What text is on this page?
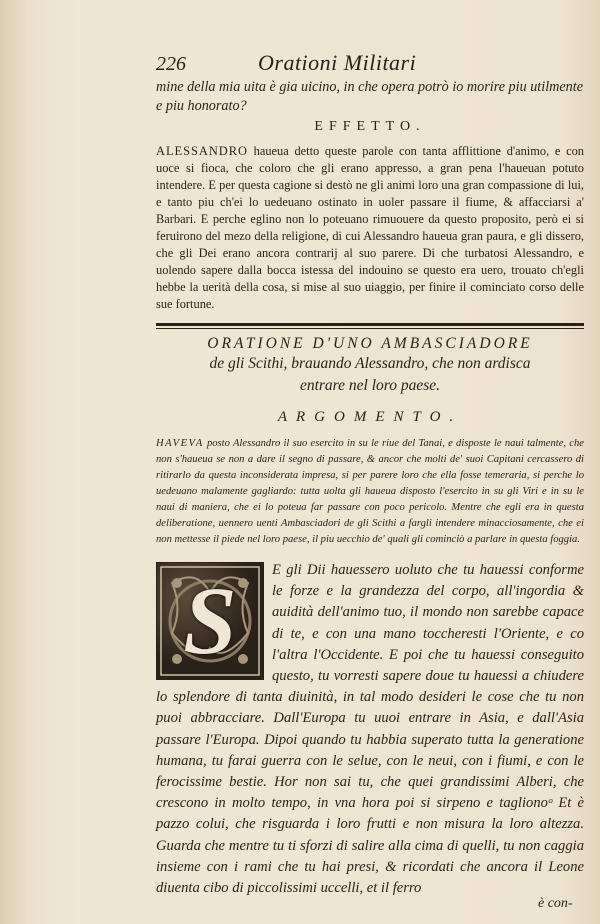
226	Orationi Militari

mine della mia uita è gia uicino, in che opera potrò io morire piu utilmente e piu honorato?

EFFETTO.

ALESSANDRO haueua detto queste parole con tanta afflittione d'animo, e con uoce si fioca, che coloro che gli erano appresso, a gran pena l'haueuan potuto intendere. E per questa cagione si destò ne gli animi loro una gran compassione di lui, e tanto piu ch'ei lo uedeuano ostinato in uoler passare il fiume, & affacciarsi a' Barbari. E perche eglino non lo poteuano rimuouere da questo proposito, però ei si feruirono del mezo della religione, di cui Alessandro haueua gran paura, e gli dissero, che gli Dei erano ancora contrarij al suo parere. Di che turbatosi Alessandro, e uolendo sapere dalla bocca istessa del indouino se questo era uero, trouato ch'egli hebbe la uerità della cosa, si mise al suo uiaggio, per finire il cominciato corso delle sue fortune.

ORATIONE D'UNO AMBASCIADORE
de gli Scithi, brauando Alessandro, che non ardisca
entrare nel loro paese.
ARGOMENTO.

HAVEVA posto Alessandro il suo esercito in su le riue del Tanai, e disposte le naui talmente, che non s'haueua se non a dare il segno di passare, & ancor che molti de' suoi Capitani cercassero di ritirarlo da questa inconsiderata impresa, si per parere loro che ella fosse temeraria, si perche lo uedeuano malamente gagliardo: tutta uolta gli haueua disposto l'esercito in su gli Viri e in su le naui di maniera, che ei lo poteua far passare con poco pericolo. Mentre che egli era in questa deliberatione, uennero uenti Ambasciadori de gli Scithi a fargli intendere minacciosamente, che ei non mettesse il piede nel loro paese, il piu uecchio de' quali gli cominciò a parlare in questa foggia.

S	E gli Dii hauessero uoluto che tu hauessi conforme le forze e la grandezza del corpo, all'ingordia & auidità dell'animo tuo, il mondo non sarebbe capace di te, e con una mano toccheresti l'Oriente, e co l'altra l'Occidente. E poi che tu hauessi conseguito questo, tu vorresti sapere doue tu hauessi a chiudere lo splendore di tanta diuinità, in tal modo desideri le cose che tu non puoi abbracciare. Dall'Europa tu uuoi entrare in Asia, e dall'Asia passare l'Europa. Dipoi quando tu habbia superato tutta la generatione humana, tu farai guerra con le selue, con le neui, con i fiumi, e con le ferocissime bestie. Hor non sai tu, che quei grandissimi Alberi, che crescono in molto tempo, in vna hora poi si sirpeno e taglionoᵒ Et è pazzo colui, che risguarda i loro frutti e non misura la loro altezza. Guarda che mentre tu ti sforzi di salire alla cima di quelli, tu non caggia insieme con i rami che tu hai presi, & ricordati che ancora il Leone diuenta cibo di piccolissimi uccelli, et il ferro
è con-
